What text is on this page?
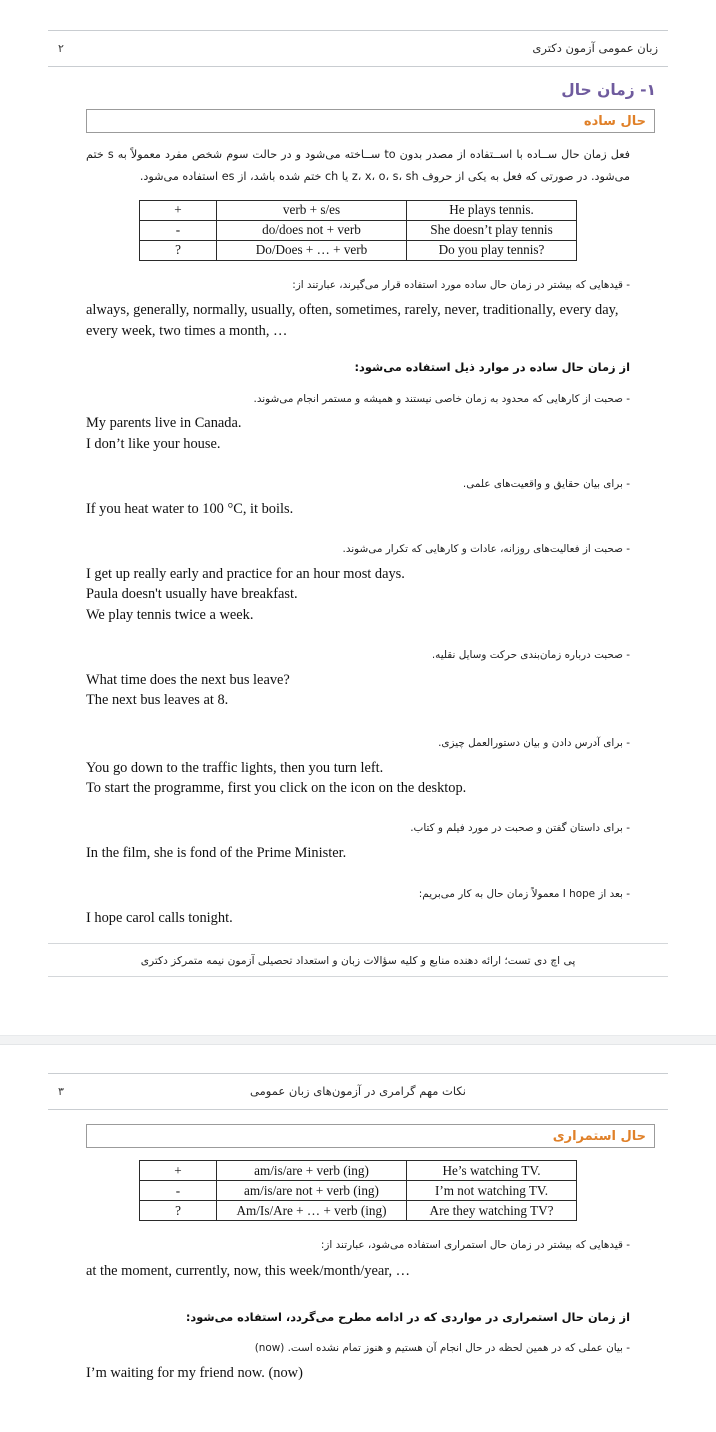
زبان عمومی آزمون دکتری
۲
۱- زمان حال
حال ساده
فعل زمان حال ســاده با اســتفاده از مصدر بدون to ســاخته می‌شود و در حالت سوم شخص مفرد معمولاً به s ختم می‌شود. در صورتی که فعل به یکی از حروف z، x، o، s، sh یا ch ختم شده باشد، از es استفاده می‌شود.
+	verb + s/es	He plays tennis.
-	do/does not + verb	She doesn’t play tennis
?	Do/Does + … + verb	Do you play tennis?
- قیدهایی که بیشتر در زمان حال ساده مورد استفاده قرار می‌گیرند، عبارتند از:
always, generally, normally, usually, often, sometimes, rarely, never, traditionally, every day, every week, two times a month, …
از زمان حال ساده در موارد ذیل استفاده می‌شود:
- صحبت از کارهایی که محدود به زمان خاصی نیستند و همیشه و مستمر انجام می‌شوند.
My parents live in Canada.
I don’t like your house.
- برای بیان حقایق و واقعیت‌های علمی.
If you heat water to 100 °C, it boils.
- صحبت از فعالیت‌های روزانه، عادات و کارهایی که تکرار می‌شوند.
I get up really early and practice for an hour most days.
Paula doesn't usually have breakfast.
We play tennis twice a week.
- صحبت درباره زمان‌بندی حرکت وسایل نقلیه.
What time does the next bus leave?
The next bus leaves at 8.
- برای آدرس دادن و بیان دستورالعمل چیزی.
You go down to the traffic lights, then you turn left.
To start the programme, first you click on the icon on the desktop.
- برای داستان گفتن و صحبت در مورد فیلم و کتاب.
In the film, she is fond of the Prime Minister.
- بعد از I hope معمولاً زمان حال به کار می‌بریم:
I hope carol calls tonight.
پی اچ دی تست؛ ارائه دهنده منابع و کلیه سؤالات زبان و استعداد تحصیلی آزمون نیمه متمرکز دکتری
نکات مهم گرامری در آزمون‌های زبان عمومی
۳
حال استمراری
+	am/is/are + verb (ing)	He’s watching TV.
-	am/is/are not + verb (ing)	I’m not watching TV.
?	Am/Is/Are + … + verb (ing)	Are they watching TV?
- قیدهایی که بیشتر در زمان حال استمراری استفاده می‌شود، عبارتند از:
at the moment, currently, now, this week/month/year, …
از زمان حال استمراری در مواردی که در ادامه مطرح می‌گردد، استفاده می‌شود:
- بیان عملی که در همین لحظه در حال انجام آن هستیم و هنوز تمام نشده است. (now)
I’m waiting for my friend now. (now)
